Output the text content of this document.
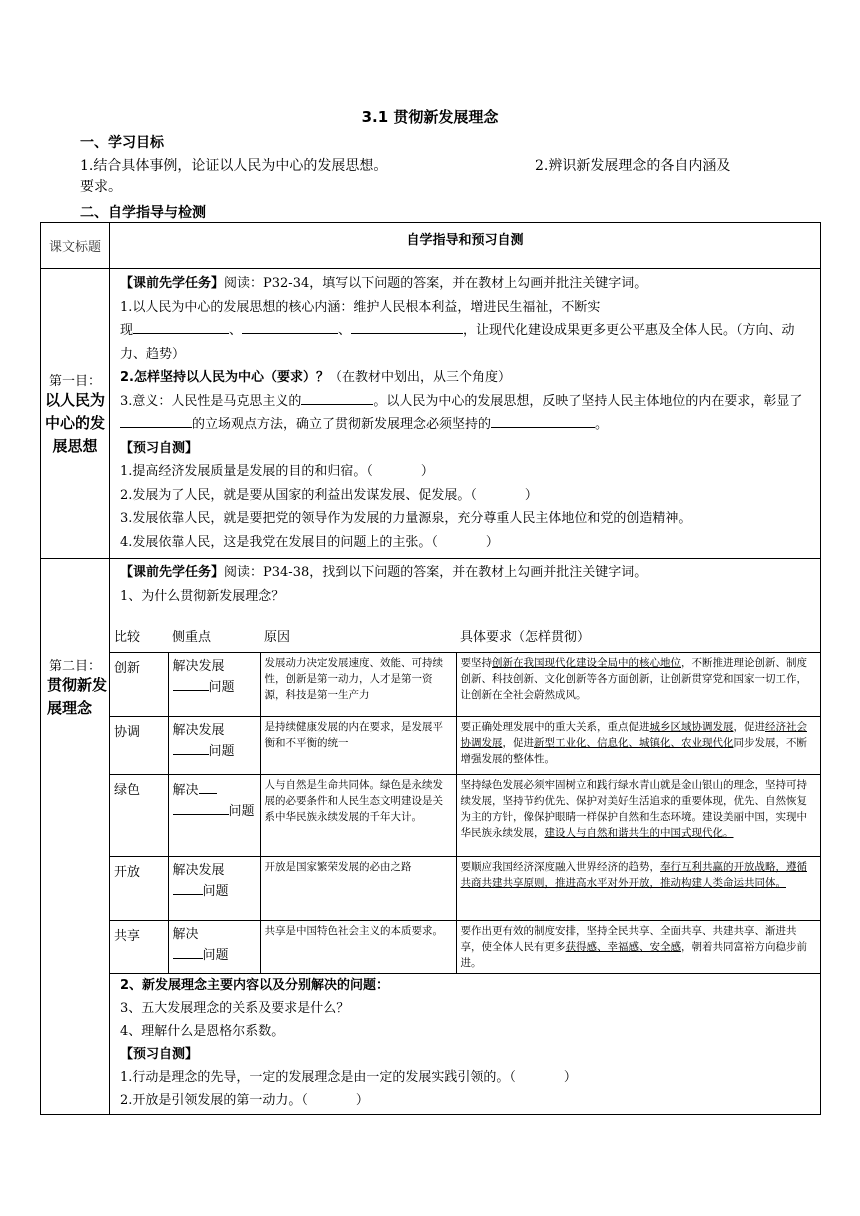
3.1 贯彻新发展理念
一、学习目标
1.结合具体事例，论证以人民为中心的发展思想。	2.辨识新发展理念的各自内涵及
要求。
二、自学指导与检测
课文标题	自学指导和预习自测
第一目：
以人民为中心的发展思想

【课前先学任务】阅读：P32-34，填写以下问题的答案，并在教材上勾画并批注关键字词。

1.以人民为中心的发展思想的核心内涵：维护人民根本利益，增进民生福祉，不断实

现	、	、	，让现代化建设成果更多更公平惠及全体人民。（方向、动力、趋势）

2.怎样坚持以人民为中心（要求）？（在教材中划出，从三个角度）

3.意义：人民性是马克思主义的	。以人民为中心的发展思想，反映了坚持人民主体地位的内在要求，彰显了的立场观点方法，确立了贯彻新发展理念必须坚持的	。

【预习自测】

1.提高经济发展质量是发展的目的和归宿。（	）

2.发展为了人民，就是要从国家的利益出发谋发展、促发展。（	）

3.发展依靠人民，就是要把党的领导作为发展的力量源泉，充分尊重人民主体地位和党的创造精神。

4.发展依靠人民，这是我党在发展目的问题上的主张。（	）

第二目：
贯彻新发展理念

【课前先学任务】阅读：P34-38，找到以下问题的答案，并在教材上勾画并批注关键字词。

1、为什么贯彻新发展理念？

比较	侧重点	原因	具体要求（怎样贯彻）
创新	解决发展
问题	发展动力决定发展速度、效能、可持续性，创新是第一动力，人才是第一资源，科技是第一生产力	要坚持创新在我国现代化建设全局中的核心地位，不断推进理论创新、制度创新、科技创新、文化创新等各方面创新，让创新贯穿党和国家一切工作，让创新在全社会蔚然成风。
协调	解决发展
问题	是持续健康发展的内在要求，是发展平衡和不平衡的统一	要正确处理发展中的重大关系，重点促进城乡区域协调发展，促进经济社会协调发展，促进新型工业化、信息化、城镇化、农业现代化同步发展，不断增强发展的整体性。
绿色	解决
问题	人与自然是生命共同体。绿色是永续发展的必要条件和人民生态文明建设是关系中华民族永续发展的千年大计。	坚持绿色发展必须牢固树立和践行绿水青山就是金山银山的理念，坚持可持续发展，坚持节约优先、保护对美好生活追求的重要体现，优先、自然恢复为主的方针，像保护眼睛一样保护自然和生态环境。建设美丽中国，实现中华民族永续发展，建设人与自然和谐共生的中国式现代化。
开放	解决发展
问题	开放是国家繁荣发展的必由之路	要顺应我国经济深度融入世界经济的趋势，奉行互利共赢的开放战略，遵循共商共建共享原则，推进高水平对外开放，推动构建人类命运共同体。
共享	解决
问题	共享是中国特色社会主义的本质要求。	要作出更有效的制度安排，坚持全民共享、全面共享、共建共享、渐进共享，使全体人民有更多获得感、幸福感、安全感，朝着共同富裕方向稳步前进。

2、新发展理念主要内容以及分别解决的问题：

3、五大发展理念的关系及要求是什么？

4、理解什么是恩格尔系数。

【预习自测】

1.行动是理念的先导，一定的发展理念是由一定的发展实践引领的。（	）

2.开放是引领发展的第一动力。（	）
